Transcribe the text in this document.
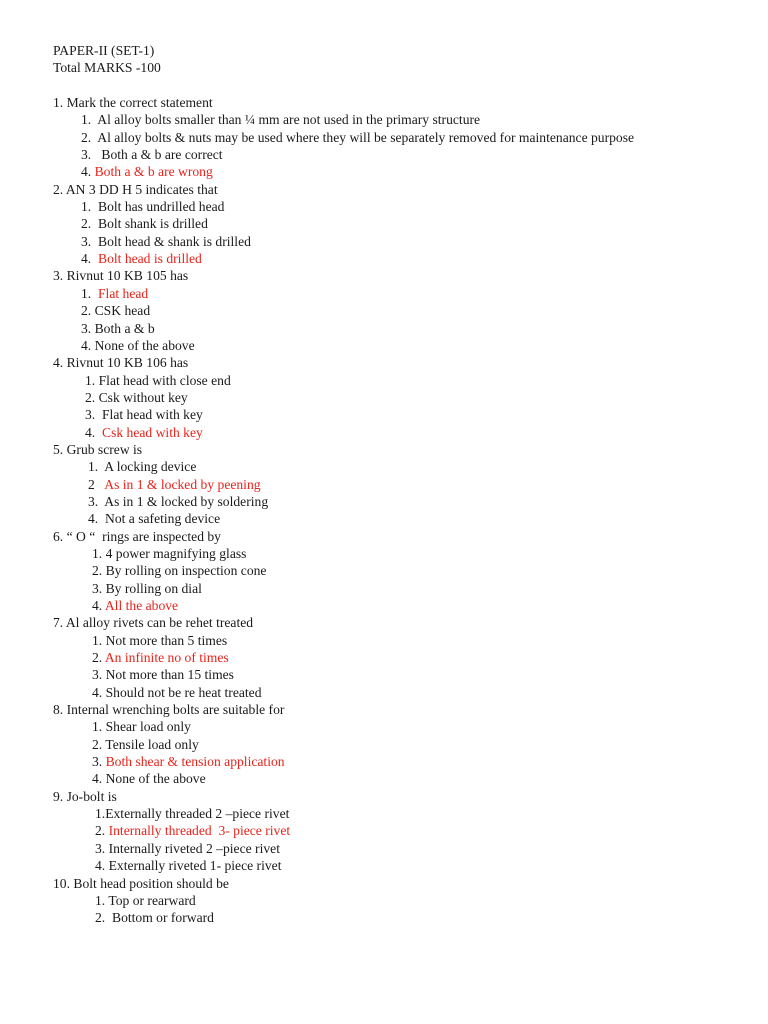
PAPER-II (SET-1)
Total MARKS -100
1. Mark the correct statement
1. Al alloy bolts smaller than ¼ mm are not used in the primary structure
2. Al alloy bolts & nuts may be used where they will be separately removed for maintenance purpose
3. Both a & b are correct
4. Both a & b are wrong
2. AN 3 DD H 5 indicates that
1. Bolt has undrilled head
2. Bolt shank is drilled
3. Bolt head & shank is drilled
4. Bolt head is drilled
3. Rivnut 10 KB 105 has
1. Flat head
2. CSK head
3. Both a & b
4. None of the above
4. Rivnut 10 KB 106 has
1. Flat head with close end
2. Csk without key
3. Flat head with key
4. Csk head with key
5. Grub screw is
1. A locking device
2 As in 1 & locked by peening
3. As in 1 & locked by soldering
4. Not a safeting device
6. “ O “  rings are inspected by
1. 4 power magnifying glass
2. By rolling on inspection cone
3. By rolling on dial
4. All the above
7. Al alloy rivets can be rehet treated
1. Not more than 5 times
2. An infinite no of times
3. Not more than 15 times
4. Should not be re heat treated
8. Internal wrenching bolts are suitable for
1. Shear load only
2. Tensile load only
3. Both shear & tension application
4. None of the above
9. Jo-bolt is
1.Externally threaded 2 –piece rivet
2. Internally threaded  3- piece rivet
3. Internally riveted 2 –piece rivet
4. Externally riveted 1- piece rivet
10. Bolt head position should be
1. Top or rearward
2. Bottom or forward
